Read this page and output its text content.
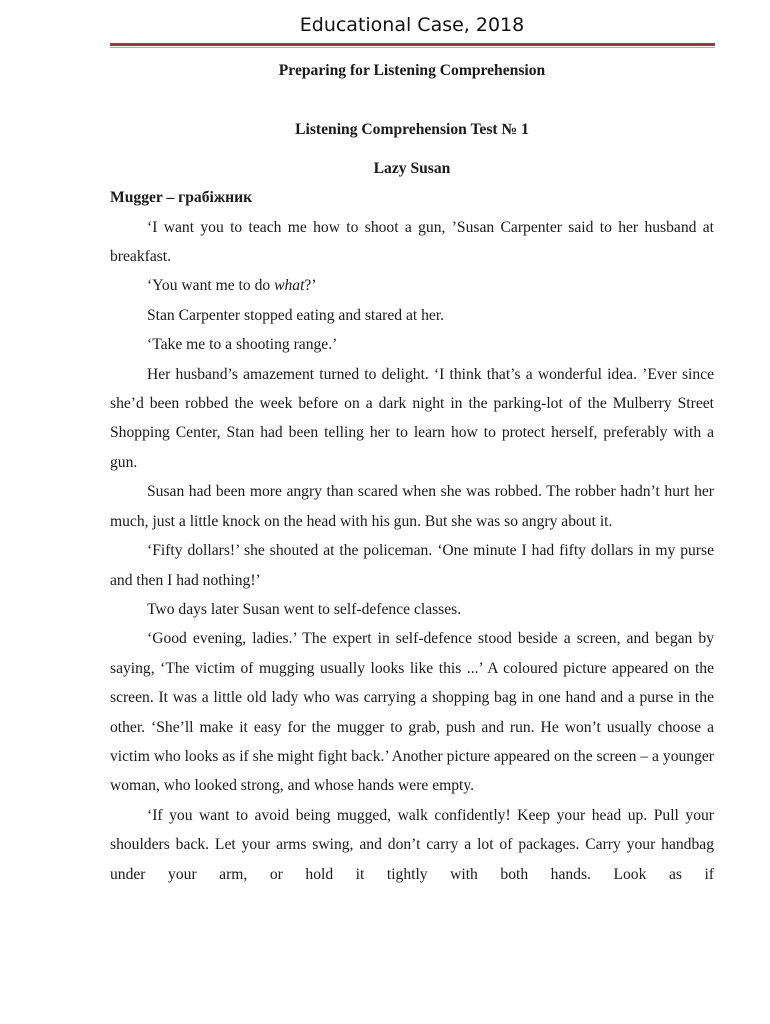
Educational Case, 2018
Preparing for Listening Comprehension
Listening Comprehension Test № 1
Lazy Susan
Mugger – грабіжник

‘I want you to teach me how to shoot a gun, ’Susan Carpenter said to her husband at breakfast.

‘You want me to do what?’

Stan Carpenter stopped eating and stared at her.

‘Take me to a shooting range.’

Her husband’s amazement turned to delight. ‘I think that’s a wonderful idea. ’Ever since she’d been robbed the week before on a dark night in the parking-lot of the Mulberry Street Shopping Center, Stan had been telling her to learn how to protect herself, preferably with a gun.

Susan had been more angry than scared when she was robbed. The robber hadn’t hurt her much, just a little knock on the head with his gun. But she was so angry about it.

‘Fifty dollars!’ she shouted at the policeman. ‘One minute I had fifty dollars in my purse and then I had nothing!’

Two days later Susan went to self-defence classes.

‘Good evening, ladies.’ The expert in self-defence stood beside a screen, and began by saying, ‘The victim of mugging usually looks like this ...’ A coloured picture appeared on the screen. It was a little old lady who was carrying a shopping bag in one hand and a purse in the other. ‘She’ll make it easy for the mugger to grab, push and run. He won’t usually choose a victim who looks as if she might fight back.’ Another picture appeared on the screen – a younger woman, who looked strong, and whose hands were empty.

‘If you want to avoid being mugged, walk confidently! Keep your head up. Pull your shoulders back. Let your arms swing, and don’t carry a lot of packages. Carry your handbag under your arm, or hold it tightly with both hands. Look as if
